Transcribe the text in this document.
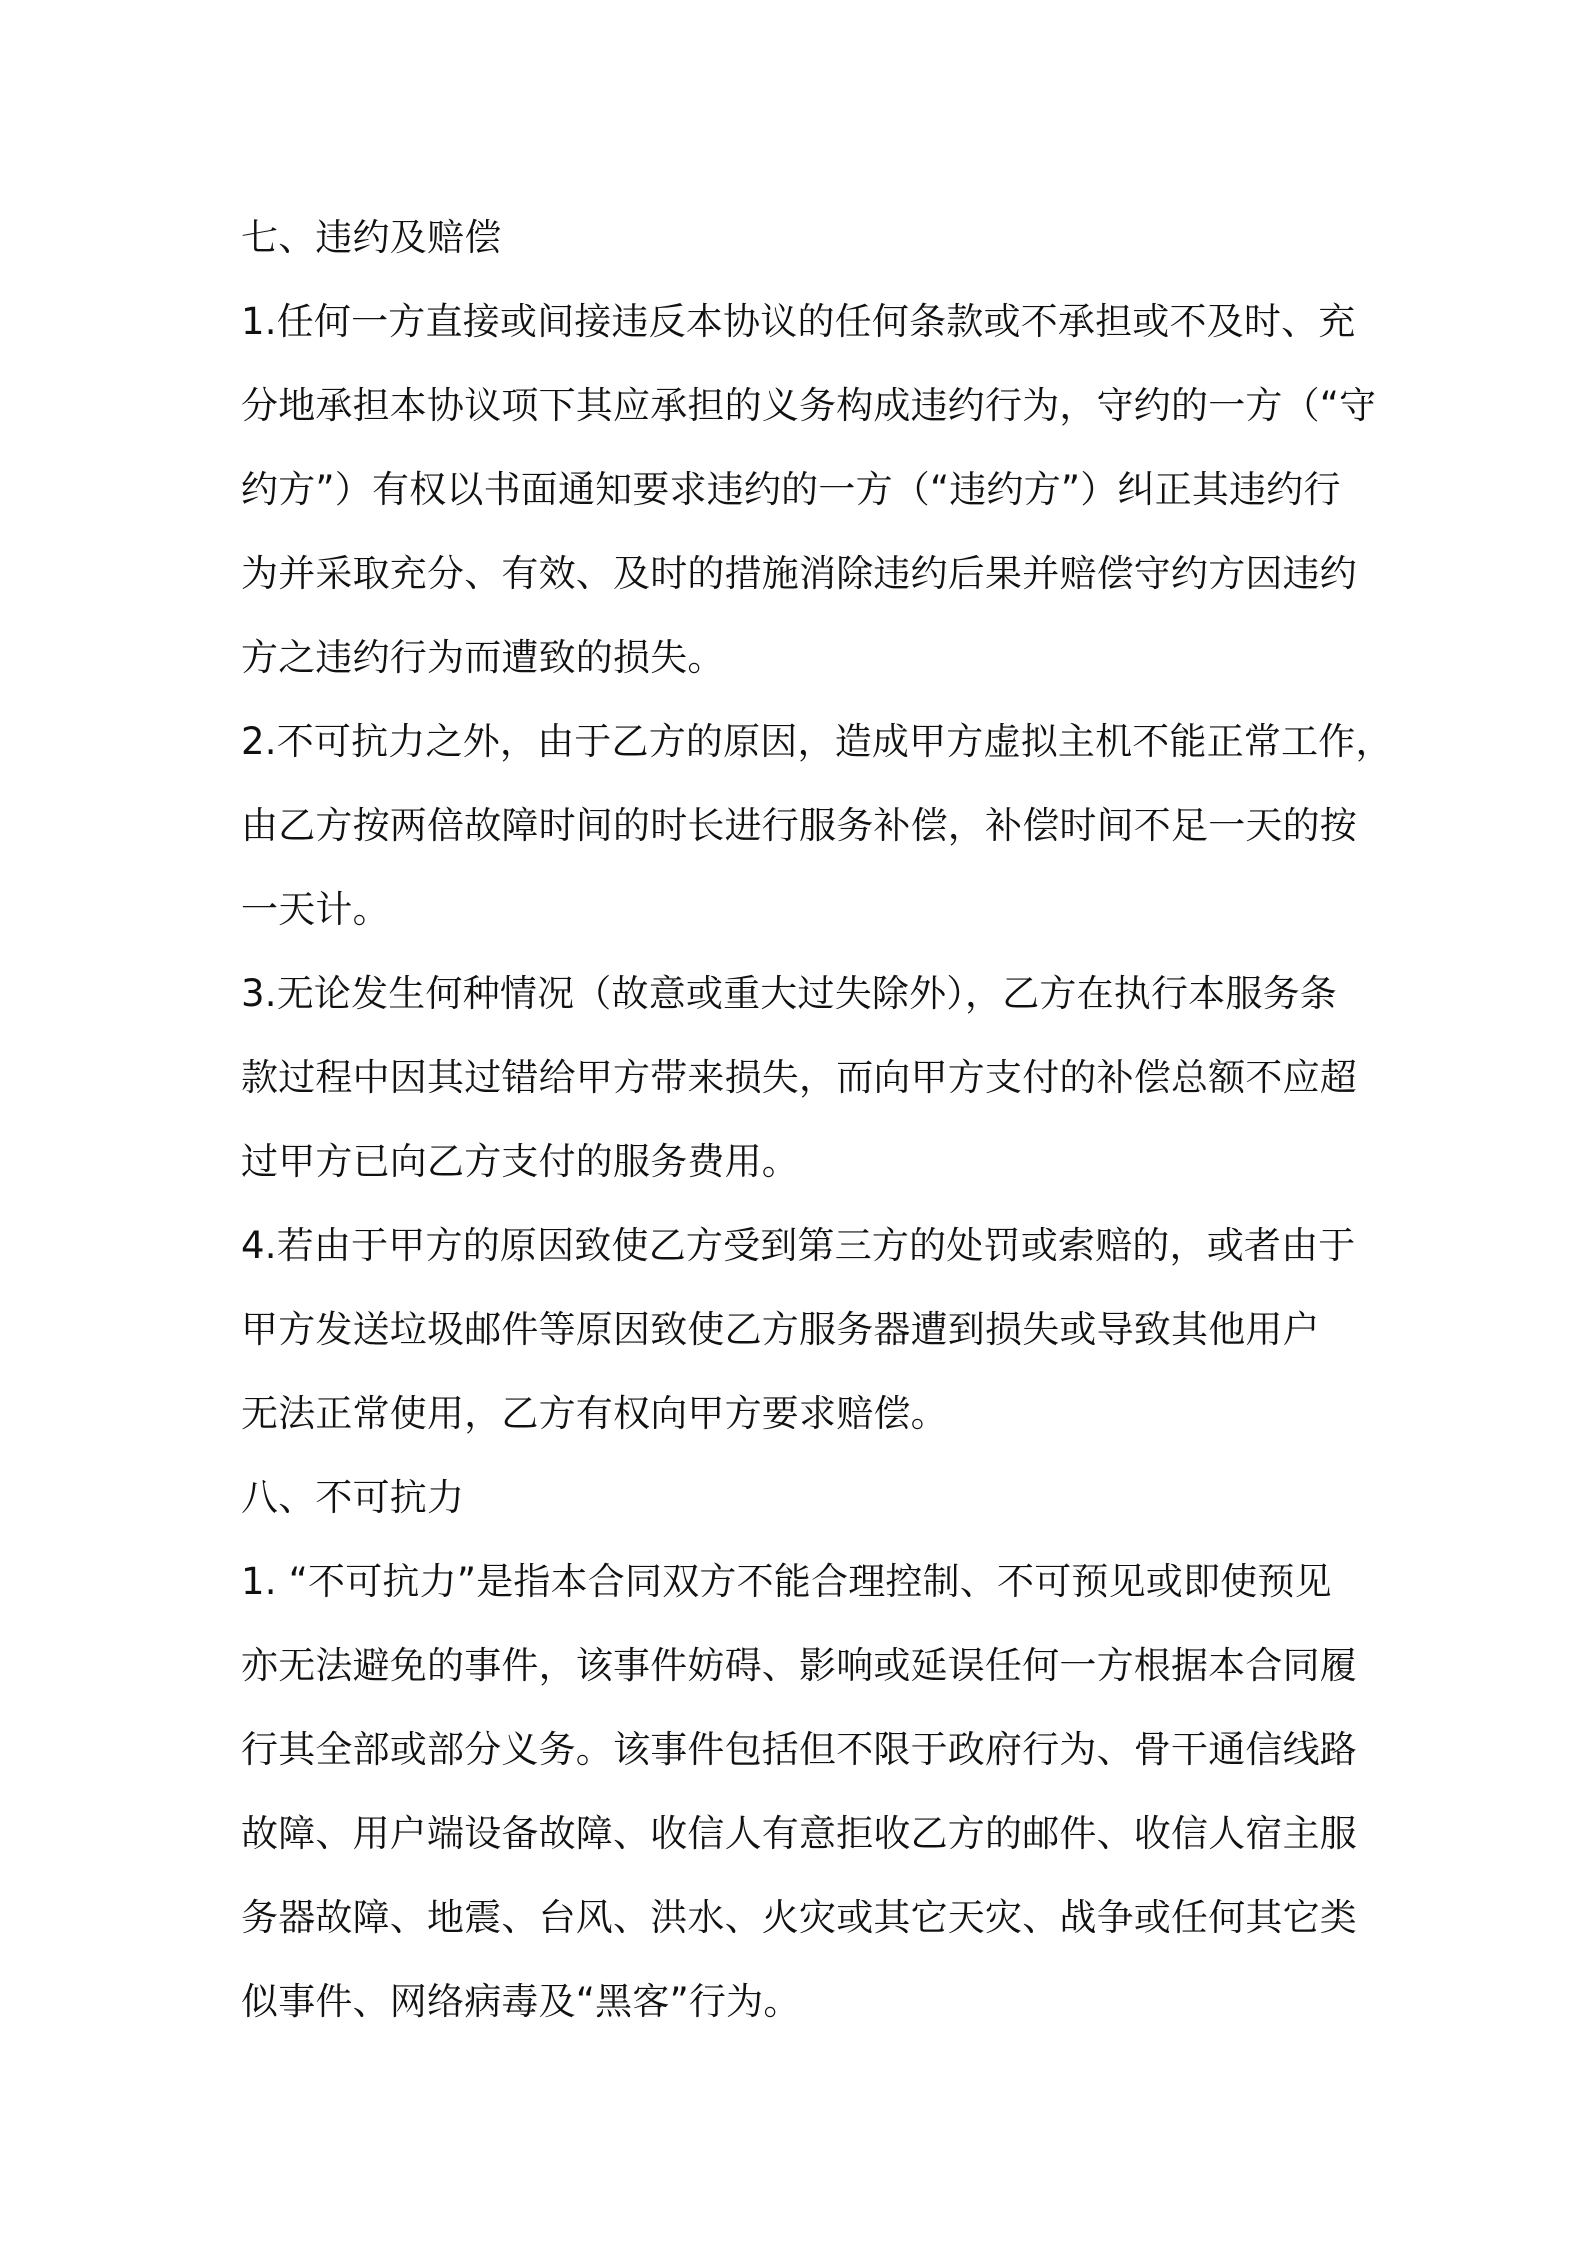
七、违约及赔偿
1.任何一方直接或间接违反本协议的任何条款或不承担或不及时、充
分地承担本协议项下其应承担的义务构成违约行为，守约的一方（“守
约方”）有权以书面通知要求违约的一方（“违约方”）纠正其违约行
为并采取充分、有效、及时的措施消除违约后果并赔偿守约方因违约
方之违约行为而遭致的损失。
2.不可抗力之外，由于乙方的原因，造成甲方虚拟主机不能正常工作，
由乙方按两倍故障时间的时长进行服务补偿，补偿时间不足一天的按
一天计。
3.无论发生何种情况（故意或重大过失除外），乙方在执行本服务条
款过程中因其过错给甲方带来损失，而向甲方支付的补偿总额不应超
过甲方已向乙方支付的服务费用。
4.若由于甲方的原因致使乙方受到第三方的处罚或索赔的，或者由于
甲方发送垃圾邮件等原因致使乙方服务器遭到损失或导致其他用户
无法正常使用，乙方有权向甲方要求赔偿。
八、不可抗力
1. “不可抗力”是指本合同双方不能合理控制、不可预见或即使预见
亦无法避免的事件，该事件妨碍、影响或延误任何一方根据本合同履
行其全部或部分义务。该事件包括但不限于政府行为、骨干通信线路
故障、用户端设备故障、收信人有意拒收乙方的邮件、收信人宿主服
务器故障、地震、台风、洪水、火灾或其它天灾、战争或任何其它类
似事件、网络病毒及“黑客”行为。
